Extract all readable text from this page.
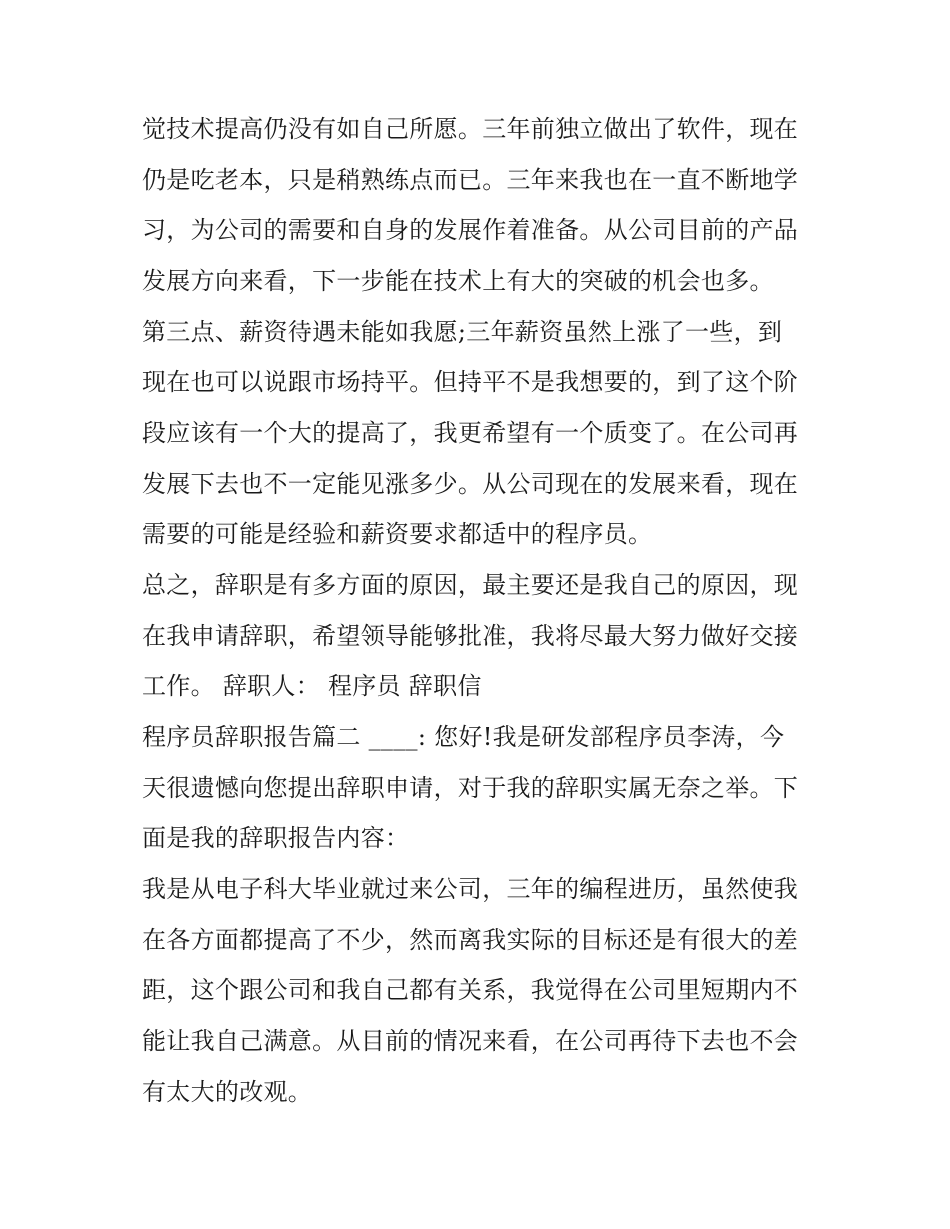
觉技术提高仍没有如自己所愿。三年前独立做出了软件，现在
仍是吃老本，只是稍熟练点而已。三年来我也在一直不断地学
习，为公司的需要和自身的发展作着准备。从公司目前的产品
发展方向来看，下一步能在技术上有大的突破的机会也多。
第三点、薪资待遇未能如我愿;三年薪资虽然上涨了一些，到
现在也可以说跟市场持平。但持平不是我想要的，到了这个阶
段应该有一个大的提高了，我更希望有一个质变了。在公司再
发展下去也不一定能见涨多少。从公司现在的发展来看，现在
需要的可能是经验和薪资要求都适中的程序员。
总之，辞职是有多方面的原因，最主要还是我自己的原因，现
在我申请辞职，希望领导能够批准，我将尽最大努力做好交接
工作。 辞职人： 程序员 辞职信
程序员辞职报告篇二 ____: 您好!我是研发部程序员李涛，今
天很遗憾向您提出辞职申请，对于我的辞职实属无奈之举。下
面是我的辞职报告内容：
我是从电子科大毕业就过来公司，三年的编程进历，虽然使我
在各方面都提高了不少，然而离我实际的目标还是有很大的差
距，这个跟公司和我自己都有关系，我觉得在公司里短期内不
能让我自己满意。从目前的情况来看，在公司再待下去也不会
有太大的改观。
